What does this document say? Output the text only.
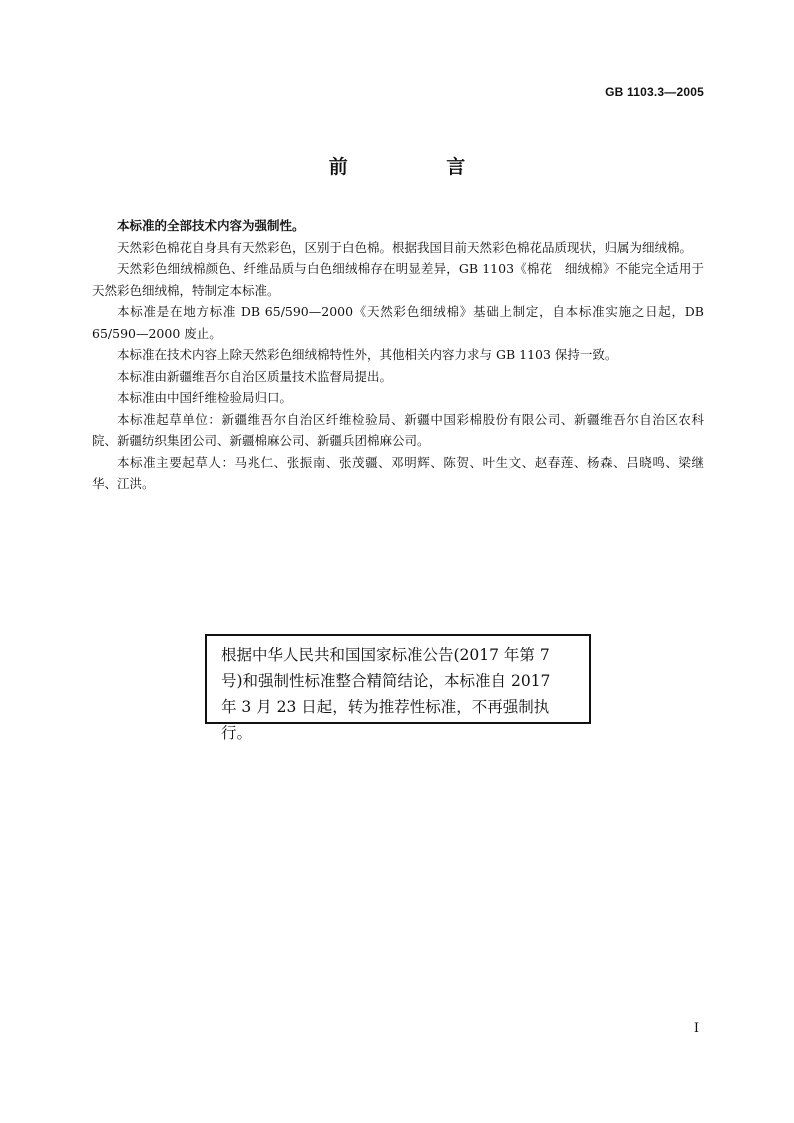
GB 1103.3—2005
前 言

本标准的全部技术内容为强制性。

天然彩色棉花自身具有天然彩色，区别于白色棉。根据我国目前天然彩色棉花品质现状，归属为细绒棉。

天然彩色细绒棉颜色、纤维品质与白色细绒棉存在明显差异，GB 1103《棉花　细绒棉》不能完全适用于天然彩色细绒棉，特制定本标准。

本标准是在地方标准 DB 65/590—2000《天然彩色细绒棉》基础上制定，自本标准实施之日起，DB 65/590—2000 废止。

本标准在技术内容上除天然彩色细绒棉特性外，其他相关内容力求与 GB 1103 保持一致。

本标准由新疆维吾尔自治区质量技术监督局提出。

本标准由中国纤维检验局归口。

本标准起草单位：新疆维吾尔自治区纤维检验局、新疆中国彩棉股份有限公司、新疆维吾尔自治区农科院、新疆纺织集团公司、新疆棉麻公司、新疆兵团棉麻公司。

本标准主要起草人：马兆仁、张振南、张茂疆、邓明辉、陈贺、叶生文、赵春莲、杨森、吕晓鸣、梁继华、江洪。

根据中华人民共和国国家标准公告(2017 年第 7

号)和强制性标准整合精简结论，本标准自 2017

年 3 月 23 日起，转为推荐性标准，不再强制执行。

I
